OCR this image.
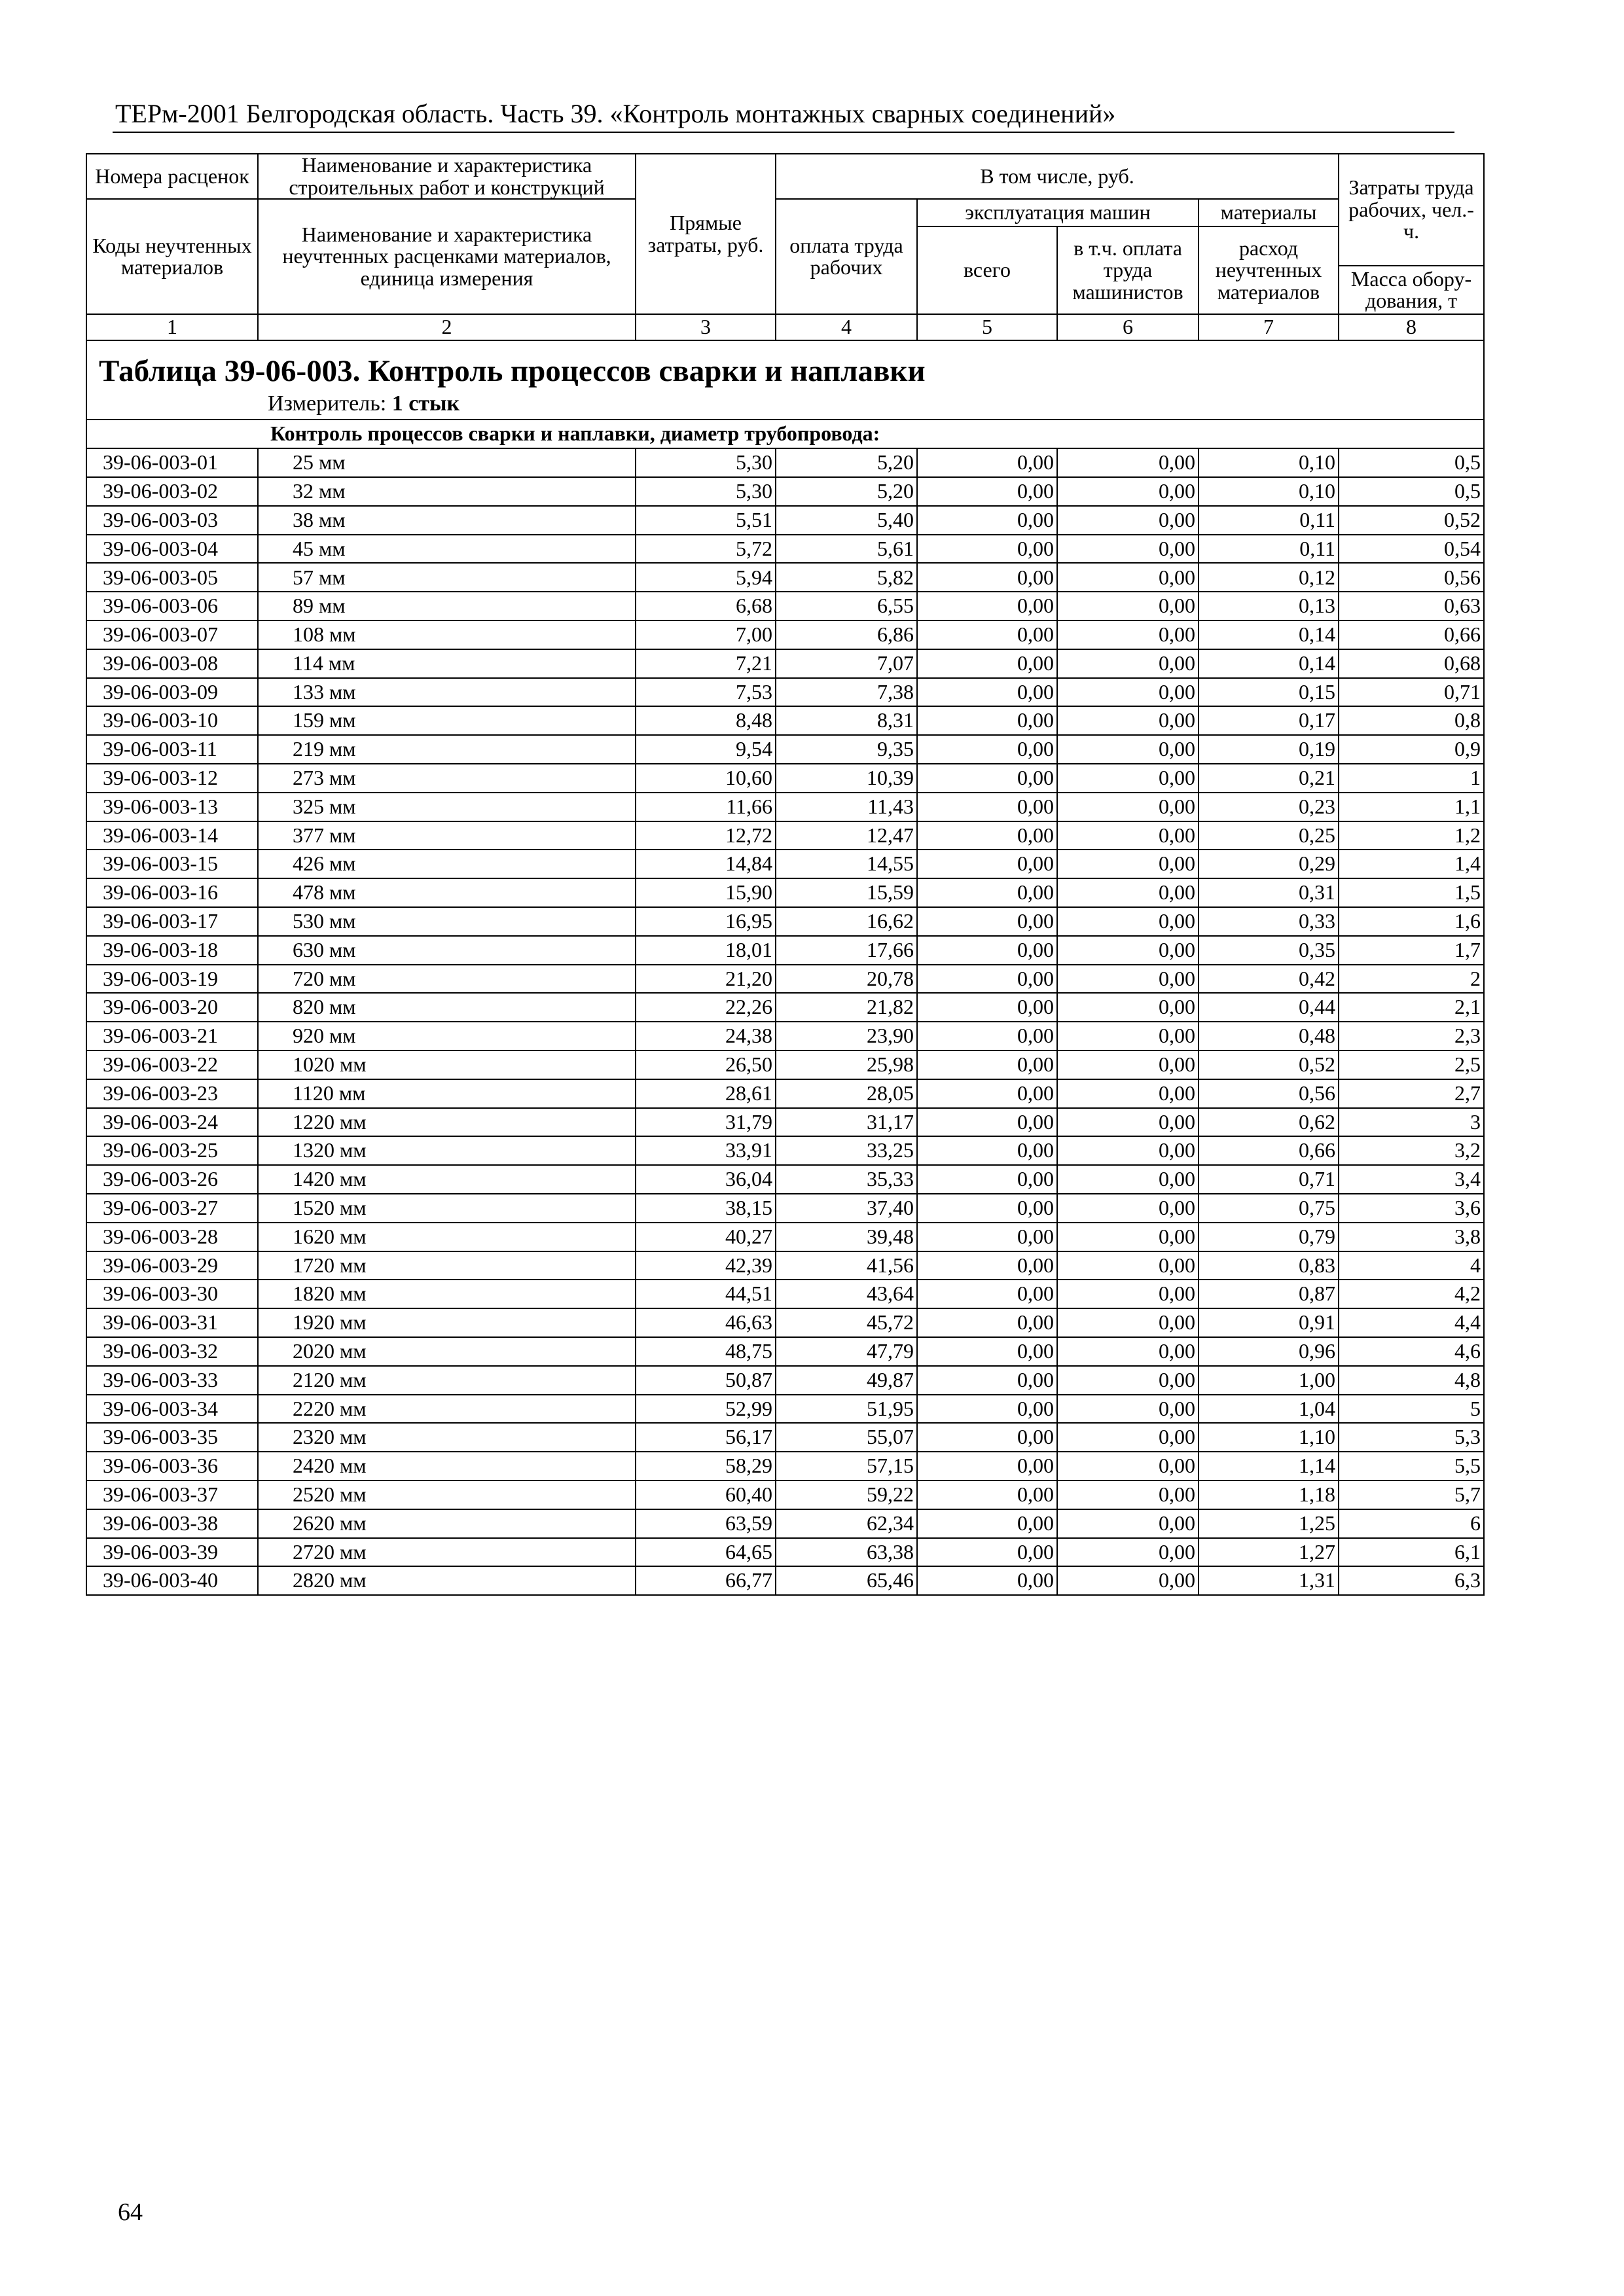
ТЕРм-2001 Белгородская область. Часть 39. «Контроль монтажных сварных соединений»
Номера расценок	Наименование и характеристика строительных работ и конструкций	Прямые затраты, руб.	В том числе, руб.				Затраты труда рабочих, чел.-ч.
Коды неучтенных материалов	Наименование и характеристика неучтенных расценками материалов, единица измерения		оплата труда рабочих	эксплуатация машин		материалы	
				всего	в т.ч. оплата труда машинистов	расход неучтенных материалов	
							Масса обору-дования, т
1	2	3	4	5	6	7	8

Таблица 39-06-003. Контроль процессов сварки и наплавки
Измеритель: 1 стык							

Контроль процессов сварки и наплавки, диаметр трубопровода:							
39-06-003-01	25 мм	5,30	5,20	0,00	0,00	0,10	0,5
39-06-003-02	32 мм	5,30	5,20	0,00	0,00	0,10	0,5
39-06-003-03	38 мм	5,51	5,40	0,00	0,00	0,11	0,52
39-06-003-04	45 мм	5,72	5,61	0,00	0,00	0,11	0,54
39-06-003-05	57 мм	5,94	5,82	0,00	0,00	0,12	0,56
39-06-003-06	89 мм	6,68	6,55	0,00	0,00	0,13	0,63
39-06-003-07	108 мм	7,00	6,86	0,00	0,00	0,14	0,66
39-06-003-08	114 мм	7,21	7,07	0,00	0,00	0,14	0,68
39-06-003-09	133 мм	7,53	7,38	0,00	0,00	0,15	0,71
39-06-003-10	159 мм	8,48	8,31	0,00	0,00	0,17	0,8
39-06-003-11	219 мм	9,54	9,35	0,00	0,00	0,19	0,9
39-06-003-12	273 мм	10,60	10,39	0,00	0,00	0,21	1
39-06-003-13	325 мм	11,66	11,43	0,00	0,00	0,23	1,1
39-06-003-14	377 мм	12,72	12,47	0,00	0,00	0,25	1,2
39-06-003-15	426 мм	14,84	14,55	0,00	0,00	0,29	1,4
39-06-003-16	478 мм	15,90	15,59	0,00	0,00	0,31	1,5
39-06-003-17	530 мм	16,95	16,62	0,00	0,00	0,33	1,6
39-06-003-18	630 мм	18,01	17,66	0,00	0,00	0,35	1,7
39-06-003-19	720 мм	21,20	20,78	0,00	0,00	0,42	2
39-06-003-20	820 мм	22,26	21,82	0,00	0,00	0,44	2,1
39-06-003-21	920 мм	24,38	23,90	0,00	0,00	0,48	2,3
39-06-003-22	1020 мм	26,50	25,98	0,00	0,00	0,52	2,5
39-06-003-23	1120 мм	28,61	28,05	0,00	0,00	0,56	2,7
39-06-003-24	1220 мм	31,79	31,17	0,00	0,00	0,62	3
39-06-003-25	1320 мм	33,91	33,25	0,00	0,00	0,66	3,2
39-06-003-26	1420 мм	36,04	35,33	0,00	0,00	0,71	3,4
39-06-003-27	1520 мм	38,15	37,40	0,00	0,00	0,75	3,6
39-06-003-28	1620 мм	40,27	39,48	0,00	0,00	0,79	3,8
39-06-003-29	1720 мм	42,39	41,56	0,00	0,00	0,83	4
39-06-003-30	1820 мм	44,51	43,64	0,00	0,00	0,87	4,2
39-06-003-31	1920 мм	46,63	45,72	0,00	0,00	0,91	4,4
39-06-003-32	2020 мм	48,75	47,79	0,00	0,00	0,96	4,6
39-06-003-33	2120 мм	50,87	49,87	0,00	0,00	1,00	4,8
39-06-003-34	2220 мм	52,99	51,95	0,00	0,00	1,04	5
39-06-003-35	2320 мм	56,17	55,07	0,00	0,00	1,10	5,3
39-06-003-36	2420 мм	58,29	57,15	0,00	0,00	1,14	5,5
39-06-003-37	2520 мм	60,40	59,22	0,00	0,00	1,18	5,7
39-06-003-38	2620 мм	63,59	62,34	0,00	0,00	1,25	6
39-06-003-39	2720 мм	64,65	63,38	0,00	0,00	1,27	6,1
39-06-003-40	2820 мм	66,77	65,46	0,00	0,00	1,31	6,3
64
